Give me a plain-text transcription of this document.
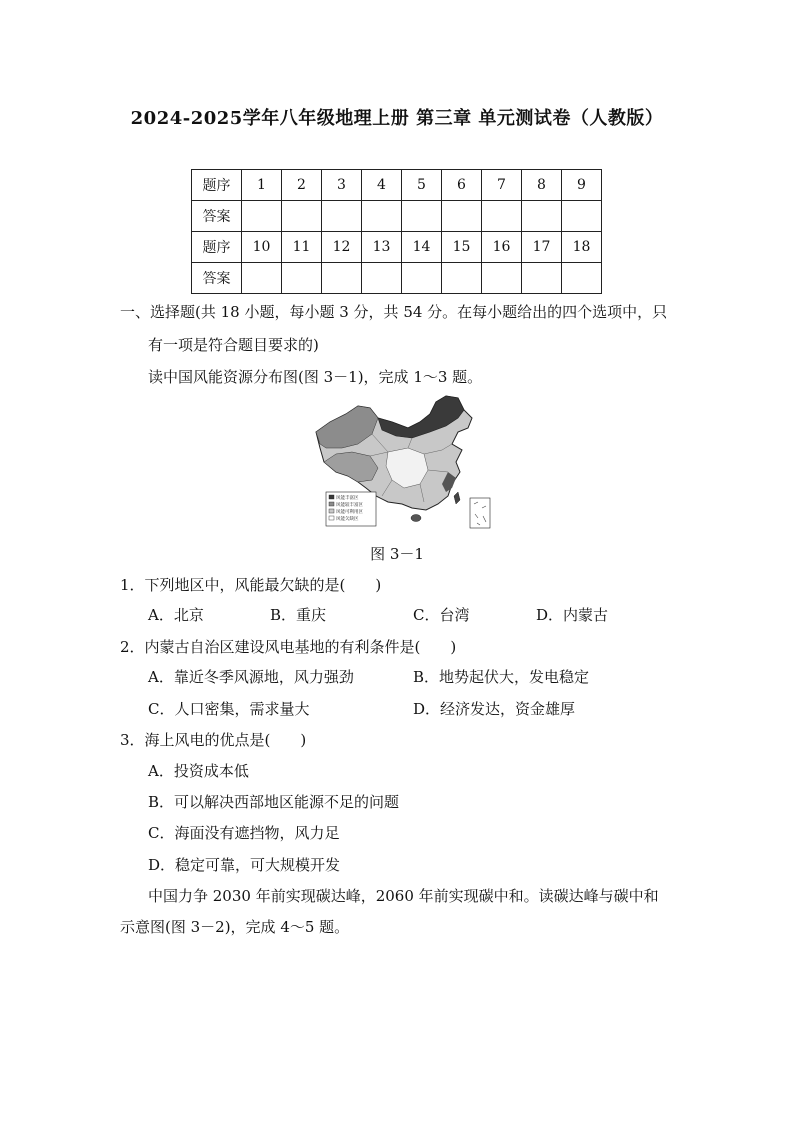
2024-2025学年八年级地理上册 第三章 单元测试卷（人教版）
题序	1	2	3	4	5	6	7	8	9
答案									
题序	10	11	12	13	14	15	16	17	18
答案									
一、选择题(共 18 小题，每小题 3 分，共 54 分。在每小题给出的四个选项中，只
有一项是符合题目要求的)
读中国风能资源分布图(图 3－1)，完成 1～3 题。
风能丰富区
风能较丰富区
风能可利用区
风能欠缺区
图 3－1
1．下列地区中，风能最欠缺的是(　　)
A．北京	B．重庆	C．台湾	D．内蒙古
2．内蒙古自治区建设风电基地的有利条件是(　　)
A．靠近冬季风源地，风力强劲	B．地势起伏大，发电稳定
C．人口密集，需求量大	D．经济发达，资金雄厚
3．海上风电的优点是(　　)
A．投资成本低
B．可以解决西部地区能源不足的问题
C．海面没有遮挡物，风力足
D．稳定可靠，可大规模开发
中国力争 2030 年前实现碳达峰，2060 年前实现碳中和。读碳达峰与碳中和
示意图(图 3－2)，完成 4～5 题。
